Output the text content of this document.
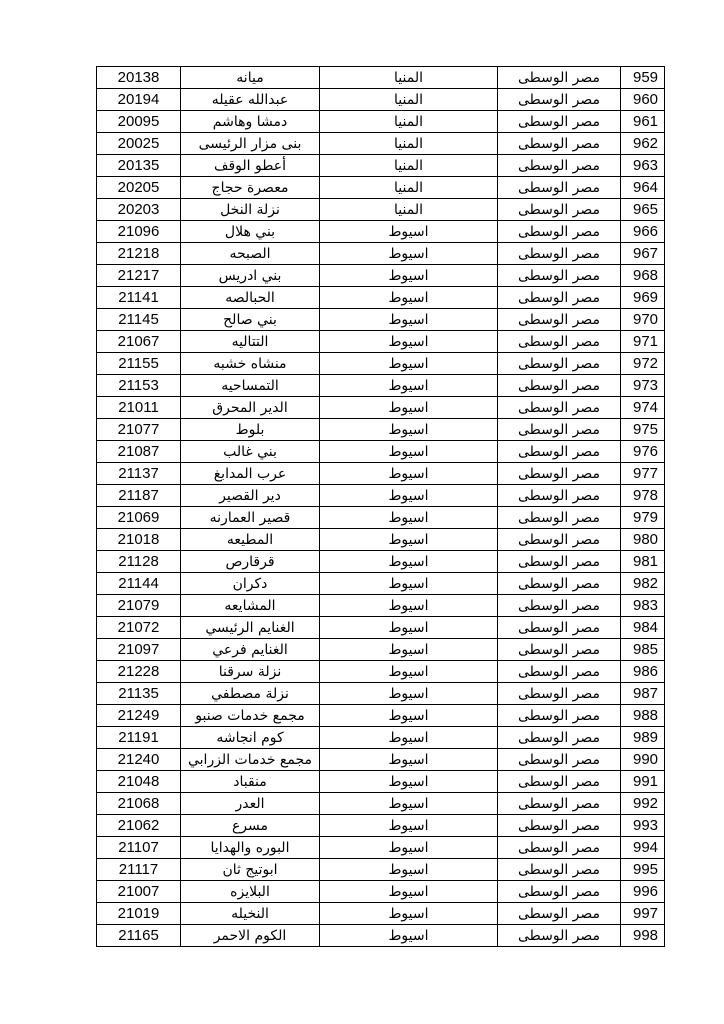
20138	ميانه	المنيا	مصر الوسطى	959
20194	عبدالله عقيله	المنيا	مصر الوسطى	960
20095	دمشا وهاشم	المنيا	مصر الوسطى	961
20025	بنى مزار الرئيسى	المنيا	مصر الوسطى	962
20135	أعطو الوقف	المنيا	مصر الوسطى	963
20205	معصرة حجاج	المنيا	مصر الوسطى	964
20203	نزلة النخل	المنيا	مصر الوسطى	965
21096	بني هلال	اسيوط	مصر الوسطى	966
21218	الصبحه	اسيوط	مصر الوسطى	967
21217	بني ادريس	اسيوط	مصر الوسطى	968
21141	الحبالصه	اسيوط	مصر الوسطى	969
21145	بني صالح	اسيوط	مصر الوسطى	970
21067	التتاليه	اسيوط	مصر الوسطى	971
21155	منشاه خشبه	اسيوط	مصر الوسطى	972
21153	التمساحيه	اسيوط	مصر الوسطى	973
21011	الدير المحرق	اسيوط	مصر الوسطى	974
21077	بلوط	اسيوط	مصر الوسطى	975
21087	بني غالب	اسيوط	مصر الوسطى	976
21137	عرب المدابغ	اسيوط	مصر الوسطى	977
21187	دير القصير	اسيوط	مصر الوسطى	978
21069	قصير العمارنه	اسيوط	مصر الوسطى	979
21018	المطيعه	اسيوط	مصر الوسطى	980
21128	قرقارص	اسيوط	مصر الوسطى	981
21144	دكران	اسيوط	مصر الوسطى	982
21079	المشايعه	اسيوط	مصر الوسطى	983
21072	الغنايم الرئيسي	اسيوط	مصر الوسطى	984
21097	الغنايم فرعي	اسيوط	مصر الوسطى	985
21228	نزلة سرقنا	اسيوط	مصر الوسطى	986
21135	نزلة مصطفي	اسيوط	مصر الوسطى	987
21249	مجمع خدمات صنبو	اسيوط	مصر الوسطى	988
21191	كوم انجاشه	اسيوط	مصر الوسطى	989
21240	مجمع خدمات الزرابي	اسيوط	مصر الوسطى	990
21048	منقباد	اسيوط	مصر الوسطى	991
21068	العدر	اسيوط	مصر الوسطى	992
21062	مسرع	اسيوط	مصر الوسطى	993
21107	البوره والهدايا	اسيوط	مصر الوسطى	994
21117	ابوتيج ثان	اسيوط	مصر الوسطى	995
21007	البلايزه	اسيوط	مصر الوسطى	996
21019	النخيله	اسيوط	مصر الوسطى	997
21165	الكوم الاحمر	اسيوط	مصر الوسطى	998
